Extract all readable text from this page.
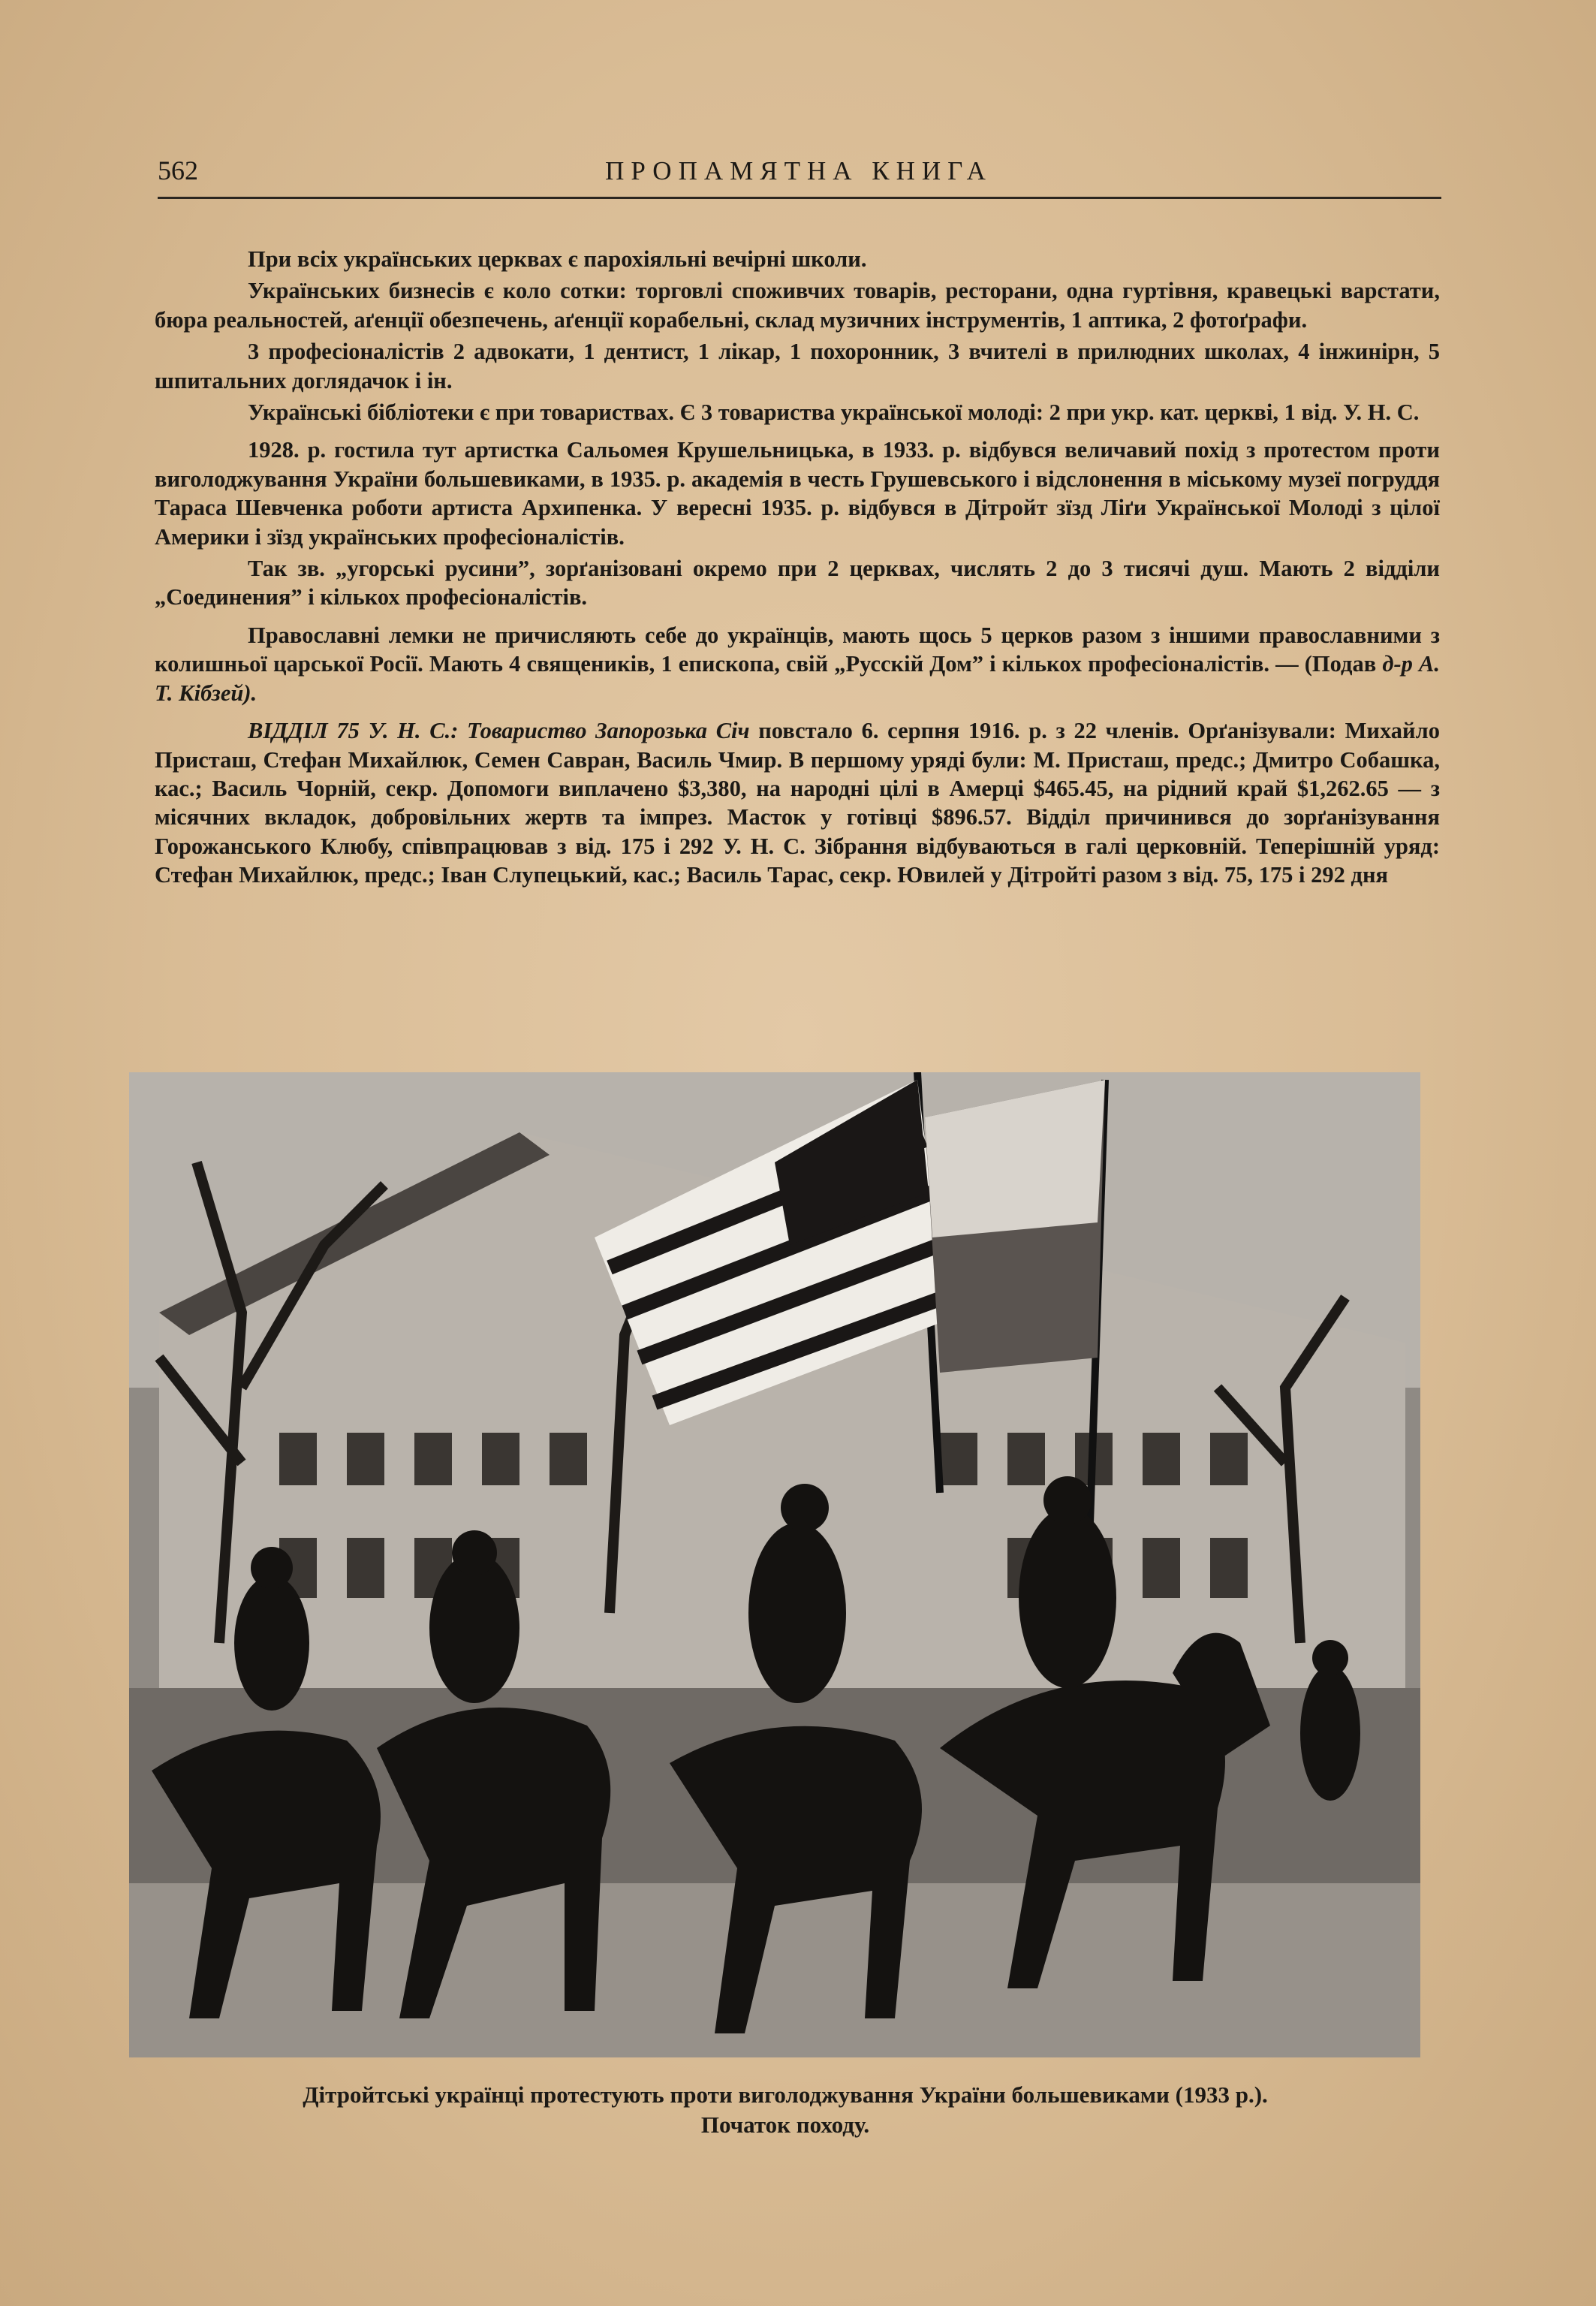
562	ПРОПАМЯТНА КНИГА

При всіх українських церквах є парохіяльні вечірні школи.

Українських бизнесів є коло сотки: торговлі споживчих товарів, ресторани, одна гуртівня, кравецькі варстати, бюра реальностей, аґенції обезпечень, аґенції корабельні, склад музичних інструментів, 1 аптика, 2 фотоґрафи.

3 професіоналістів 2 адвокати, 1 дентист, 1 лікар, 1 похоронник, 3 вчителі в прилюдних школах, 4 інжинірн, 5 шпитальних доглядачок і ін.

Українські бібліотеки є при товариствах. Є 3 товариства української молоді: 2 при укр. кат. церкві, 1 від. У. Н. С.

1928. р. гостила тут артистка Сальомея Крушельницька, в 1933. р. відбувся величавий похід з протестом проти виголоджування України большевиками, в 1935. р. академія в честь Грушевського і відслонення в міському музеї погруддя Тараса Шевченка роботи артиста Архипенка. У вересні 1935. р. відбувся в Дітройт зїзд Ліґи Української Молоді з цілої Америки і зїзд українських професіоналістів.

Так зв. „угорські русини”, зорґанізовані окремо при 2 церквах, числять 2 до 3 тисячі душ. Мають 2 відділи „Соединения” і кількох професіоналістів.

Православні лемки не причисляють себе до українців, мають щось 5 церков разом з іншими православними з колишньої царської Росії. Мають 4 священиків, 1 епископа, свій „Русскій Дом” і кількох професіоналістів. — (Подав д-р А. Т. Кібзей).

ВІДДІЛ 75 У. Н. С.: Товариство Запорозька Січ повстало 6. серпня 1916. р. з 22 членів. Орґанізували: Михайло Присташ, Стефан Михайлюк, Семен Савран, Василь Чмир. В першому уряді були: М. Присташ, предс.; Дмитро Собашка, кас.; Василь Чорній, секр. Допомоги виплачено $3,380, на народні цілі в Амерці $465.45, на рідний край $1,262.65 — з місячних вкладок, добровільних жертв та імпрез. Масток у готівці $896.57. Відділ причинився до зорґанізування Горожанського Клюбу, співпрацював з від. 175 і 292 У. Н. С. Зібрання відбуваються в галі церковній. Теперішній уряд: Стефан Михайлюк, предс.; Іван Слупецький, кас.; Василь Тарас, секр. Ювилей у Дітройті разом з від. 75, 175 і 292 дня

Дітройтські українці протестують проти виголоджування України большевиками (1933 р.).
Початок походу.
